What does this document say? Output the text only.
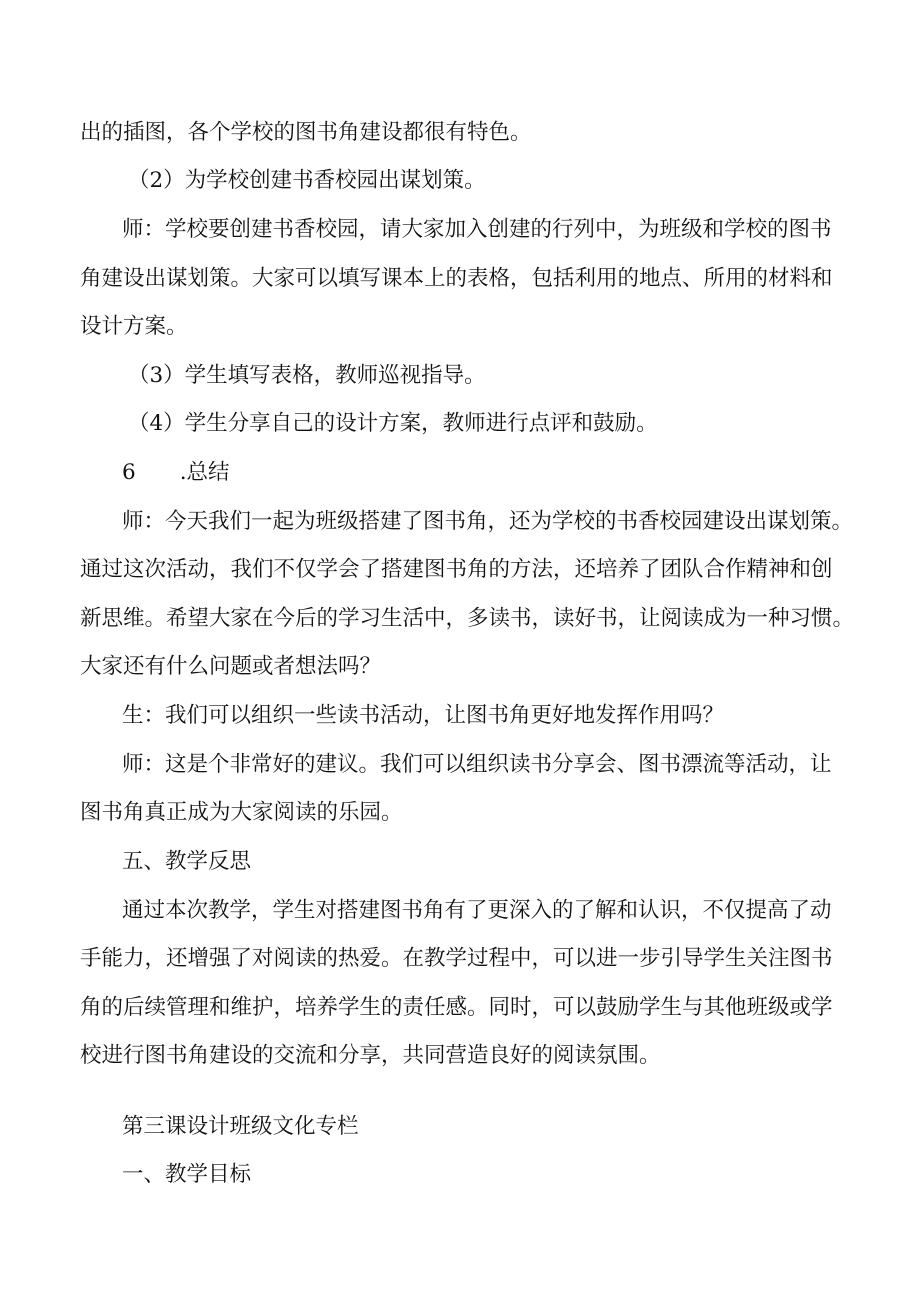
出的插图，各个学校的图书角建设都很有特色。
（2）为学校创建书香校园出谋划策。
师：学校要创建书香校园，请大家加入创建的行列中，为班级和学校的图书
角建设出谋划策。大家可以填写课本上的表格，包括利用的地点、所用的材料和
设计方案。
（3）学生填写表格，教师巡视指导。
（4）学生分享自己的设计方案，教师进行点评和鼓励。
6 .总结
师：今天我们一起为班级搭建了图书角，还为学校的书香校园建设出谋划策。
通过这次活动，我们不仅学会了搭建图书角的方法，还培养了团队合作精神和创
新思维。希望大家在今后的学习生活中，多读书，读好书，让阅读成为一种习惯。
大家还有什么问题或者想法吗？
生：我们可以组织一些读书活动，让图书角更好地发挥作用吗？
师：这是个非常好的建议。我们可以组织读书分享会、图书漂流等活动，让
图书角真正成为大家阅读的乐园。
五、教学反思
通过本次教学，学生对搭建图书角有了更深入的了解和认识，不仅提高了动
手能力，还增强了对阅读的热爱。在教学过程中，可以进一步引导学生关注图书
角的后续管理和维护，培养学生的责任感。同时，可以鼓励学生与其他班级或学
校进行图书角建设的交流和分享，共同营造良好的阅读氛围。
第三课设计班级文化专栏
一、教学目标
